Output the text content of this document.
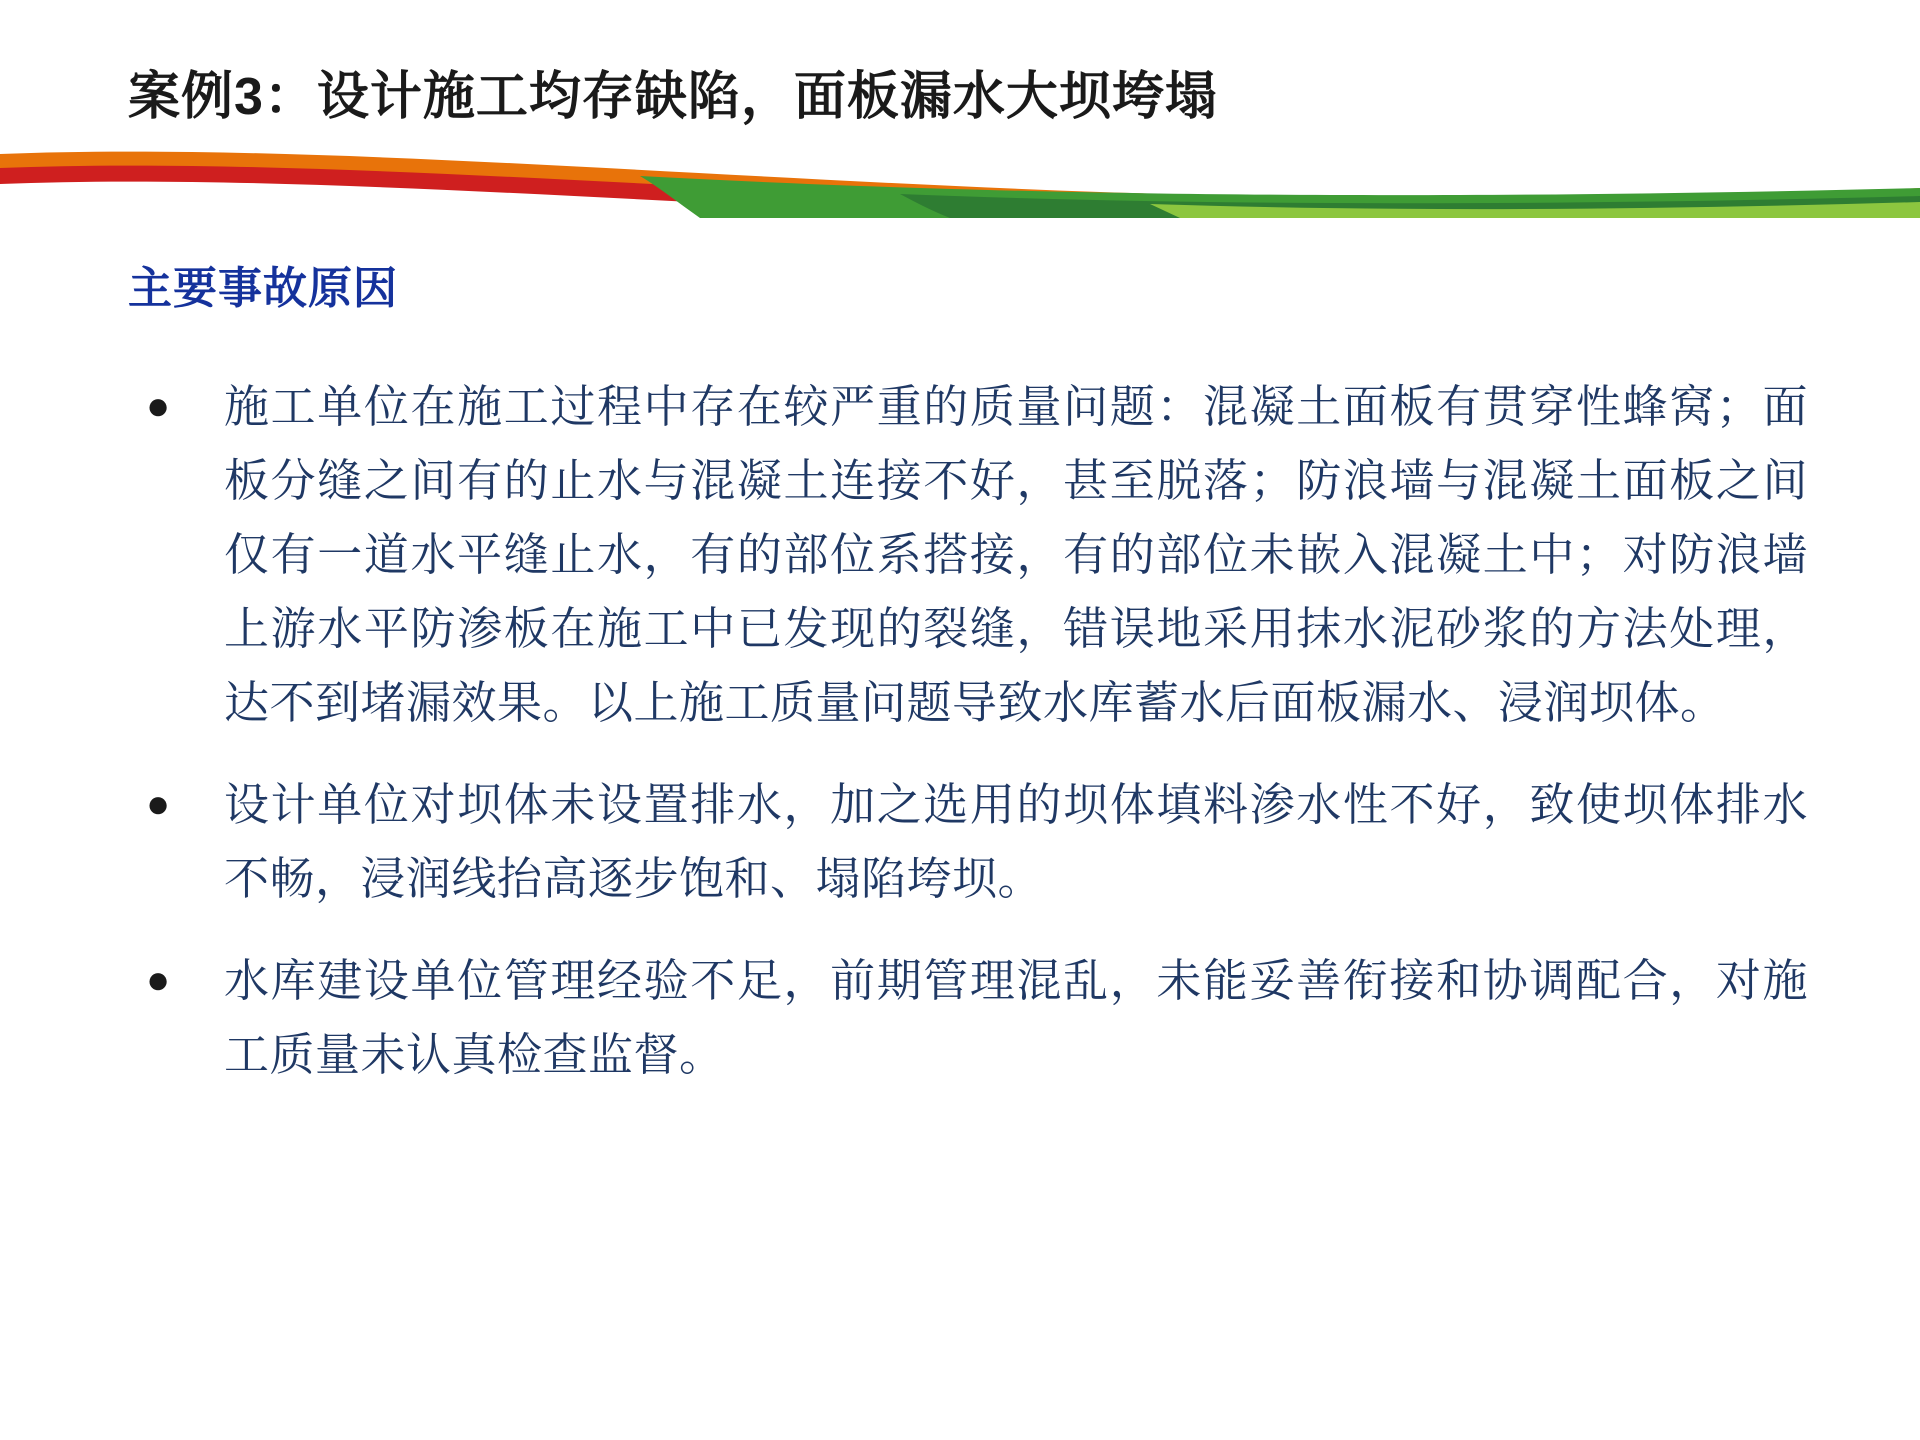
案例3：设计施工均存缺陷，面板漏水大坝垮塌
主要事故原因
●	施工单位在施工过程中存在较严重的质量问题：混凝土面板有贯穿性蜂窝；面板分缝之间有的止水与混凝土连接不好，甚至脱落；防浪墙与混凝土面板之间仅有一道水平缝止水，有的部位系搭接，有的部位未嵌入混凝土中；对防浪墙上游水平防渗板在施工中已发现的裂缝，错误地采用抹水泥砂浆的方法处理，达不到堵漏效果。以上施工质量问题导致水库蓄水后面板漏水、浸润坝体。
●	设计单位对坝体未设置排水，加之选用的坝体填料渗水性不好，致使坝体排水不畅，浸润线抬高逐步饱和、塌陷垮坝。
●	水库建设单位管理经验不足，前期管理混乱，未能妥善衔接和协调配合，对施工质量未认真检查监督。
